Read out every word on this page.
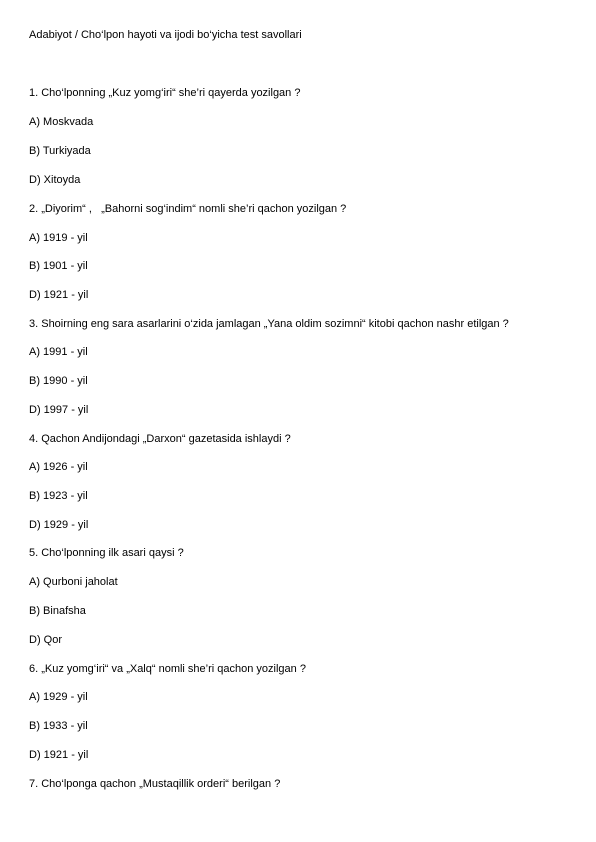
Adabiyot / Cho‘lpon hayoti va ijodi bo‘yicha test savollari
1. Cho‘lponning „Kuz yomg‘iri“ she’ri qayerda yozilgan ?
A) Moskvada
B) Turkiyada
D) Xitoyda
2. „Diyorim“ ,   „Bahorni sog‘indim“ nomli she’ri qachon yozilgan ?
A) 1919 - yil
B) 1901 - yil
D) 1921 - yil
3. Shoirning eng sara asarlarini o‘zida jamlagan „Yana oldim sozimni“ kitobi qachon nashr etilgan ?
A) 1991 - yil
B) 1990 - yil
D) 1997 - yil
4. Qachon Andijondagi „Darxon“ gazetasida ishlaydi ?
A) 1926 - yil
B) 1923 - yil
D) 1929 - yil
5. Cho‘lponning ilk asari qaysi ?
A) Qurboni jaholat
B) Binafsha
D) Qor
6. „Kuz yomg‘iri“ va „Xalq“ nomli she’ri qachon yozilgan ?
A) 1929 - yil
B) 1933 - yil
D) 1921 - yil
7. Cho‘lponga qachon „Mustaqillik orderi“ berilgan ?
